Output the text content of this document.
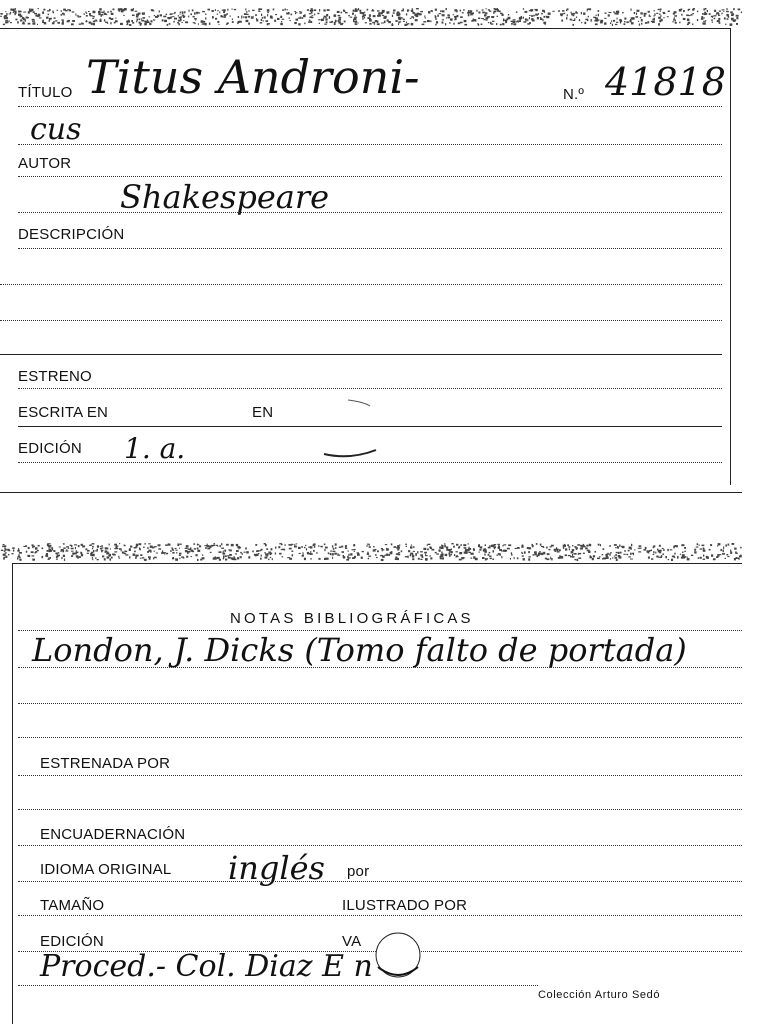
TÍTULO Titus Androni-	N.º 41818
cus
AUTOR
Shakespeare
DESCRIPCIÓN
ESTRENO
ESCRITA EN	EN
EDICIÓN 1. a.
NOTAS BIBLIOGRÁFICAS
London, J. Dicks (Tomo falto de portada)
ESTRENADA POR
ENCUADERNACIÓN
IDIOMA ORIGINAL inglés por
TAMAÑO	ILUSTRADO POR
EDICIÓN	VA
Proced.- Col. Diaz E n
Colección Arturo Sedó
